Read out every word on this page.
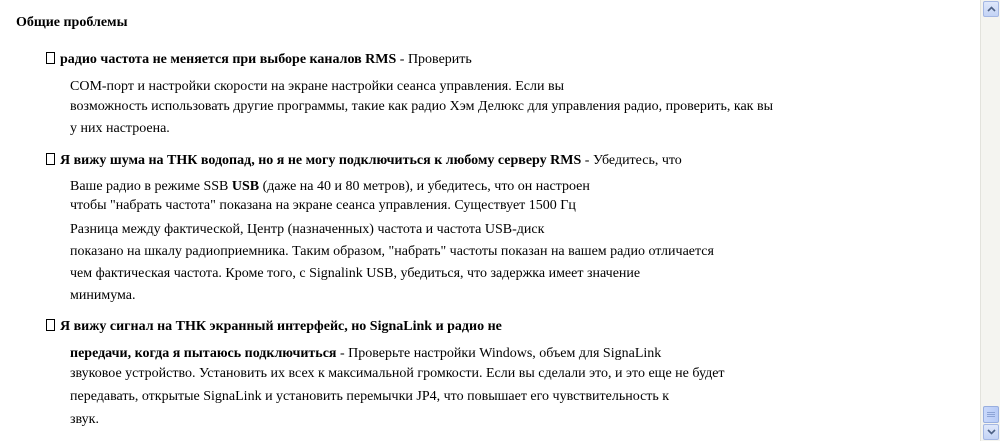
Общие проблемы
радио частота не меняется при выборе каналов RMS - Проверить
COM-порт и настройки скорости на экране настройки сеанса управления. Если вы
возможность использовать другие программы, такие как радио Хэм Делюкс для управления радио, проверить, как вы
у них настроена.
Я вижу шума на ТНК водопад, но я не могу подключиться к любому серверу RMS - Убедитесь, что
Ваше радио в режиме SSB USB (даже на 40 и 80 метров), и убедитесь, что он настроен
чтобы "набрать частота" показана на экране сеанса управления. Существует 1500 Гц
Разница между фактической, Центр (назначенных) частота и частота USB-диск
показано на шкалу радиоприемника. Таким образом, "набрать" частоты показан на вашем радио отличается
чем фактическая частота. Кроме того, с Signalink USB, убедиться, что задержка имеет значение
минимума.
Я вижу сигнал на ТНК экранный интерфейс, но SignaLink и радио не
передачи, когда я пытаюсь подключиться - Проверьте настройки Windows, объем для SignaLink
звуковое устройство. Установить их всех к максимальной громкости. Если вы сделали это, и это еще не будет
передавать, открытые SignaLink и установить перемычки JP4, что повышает его чувствительность к
звук.
